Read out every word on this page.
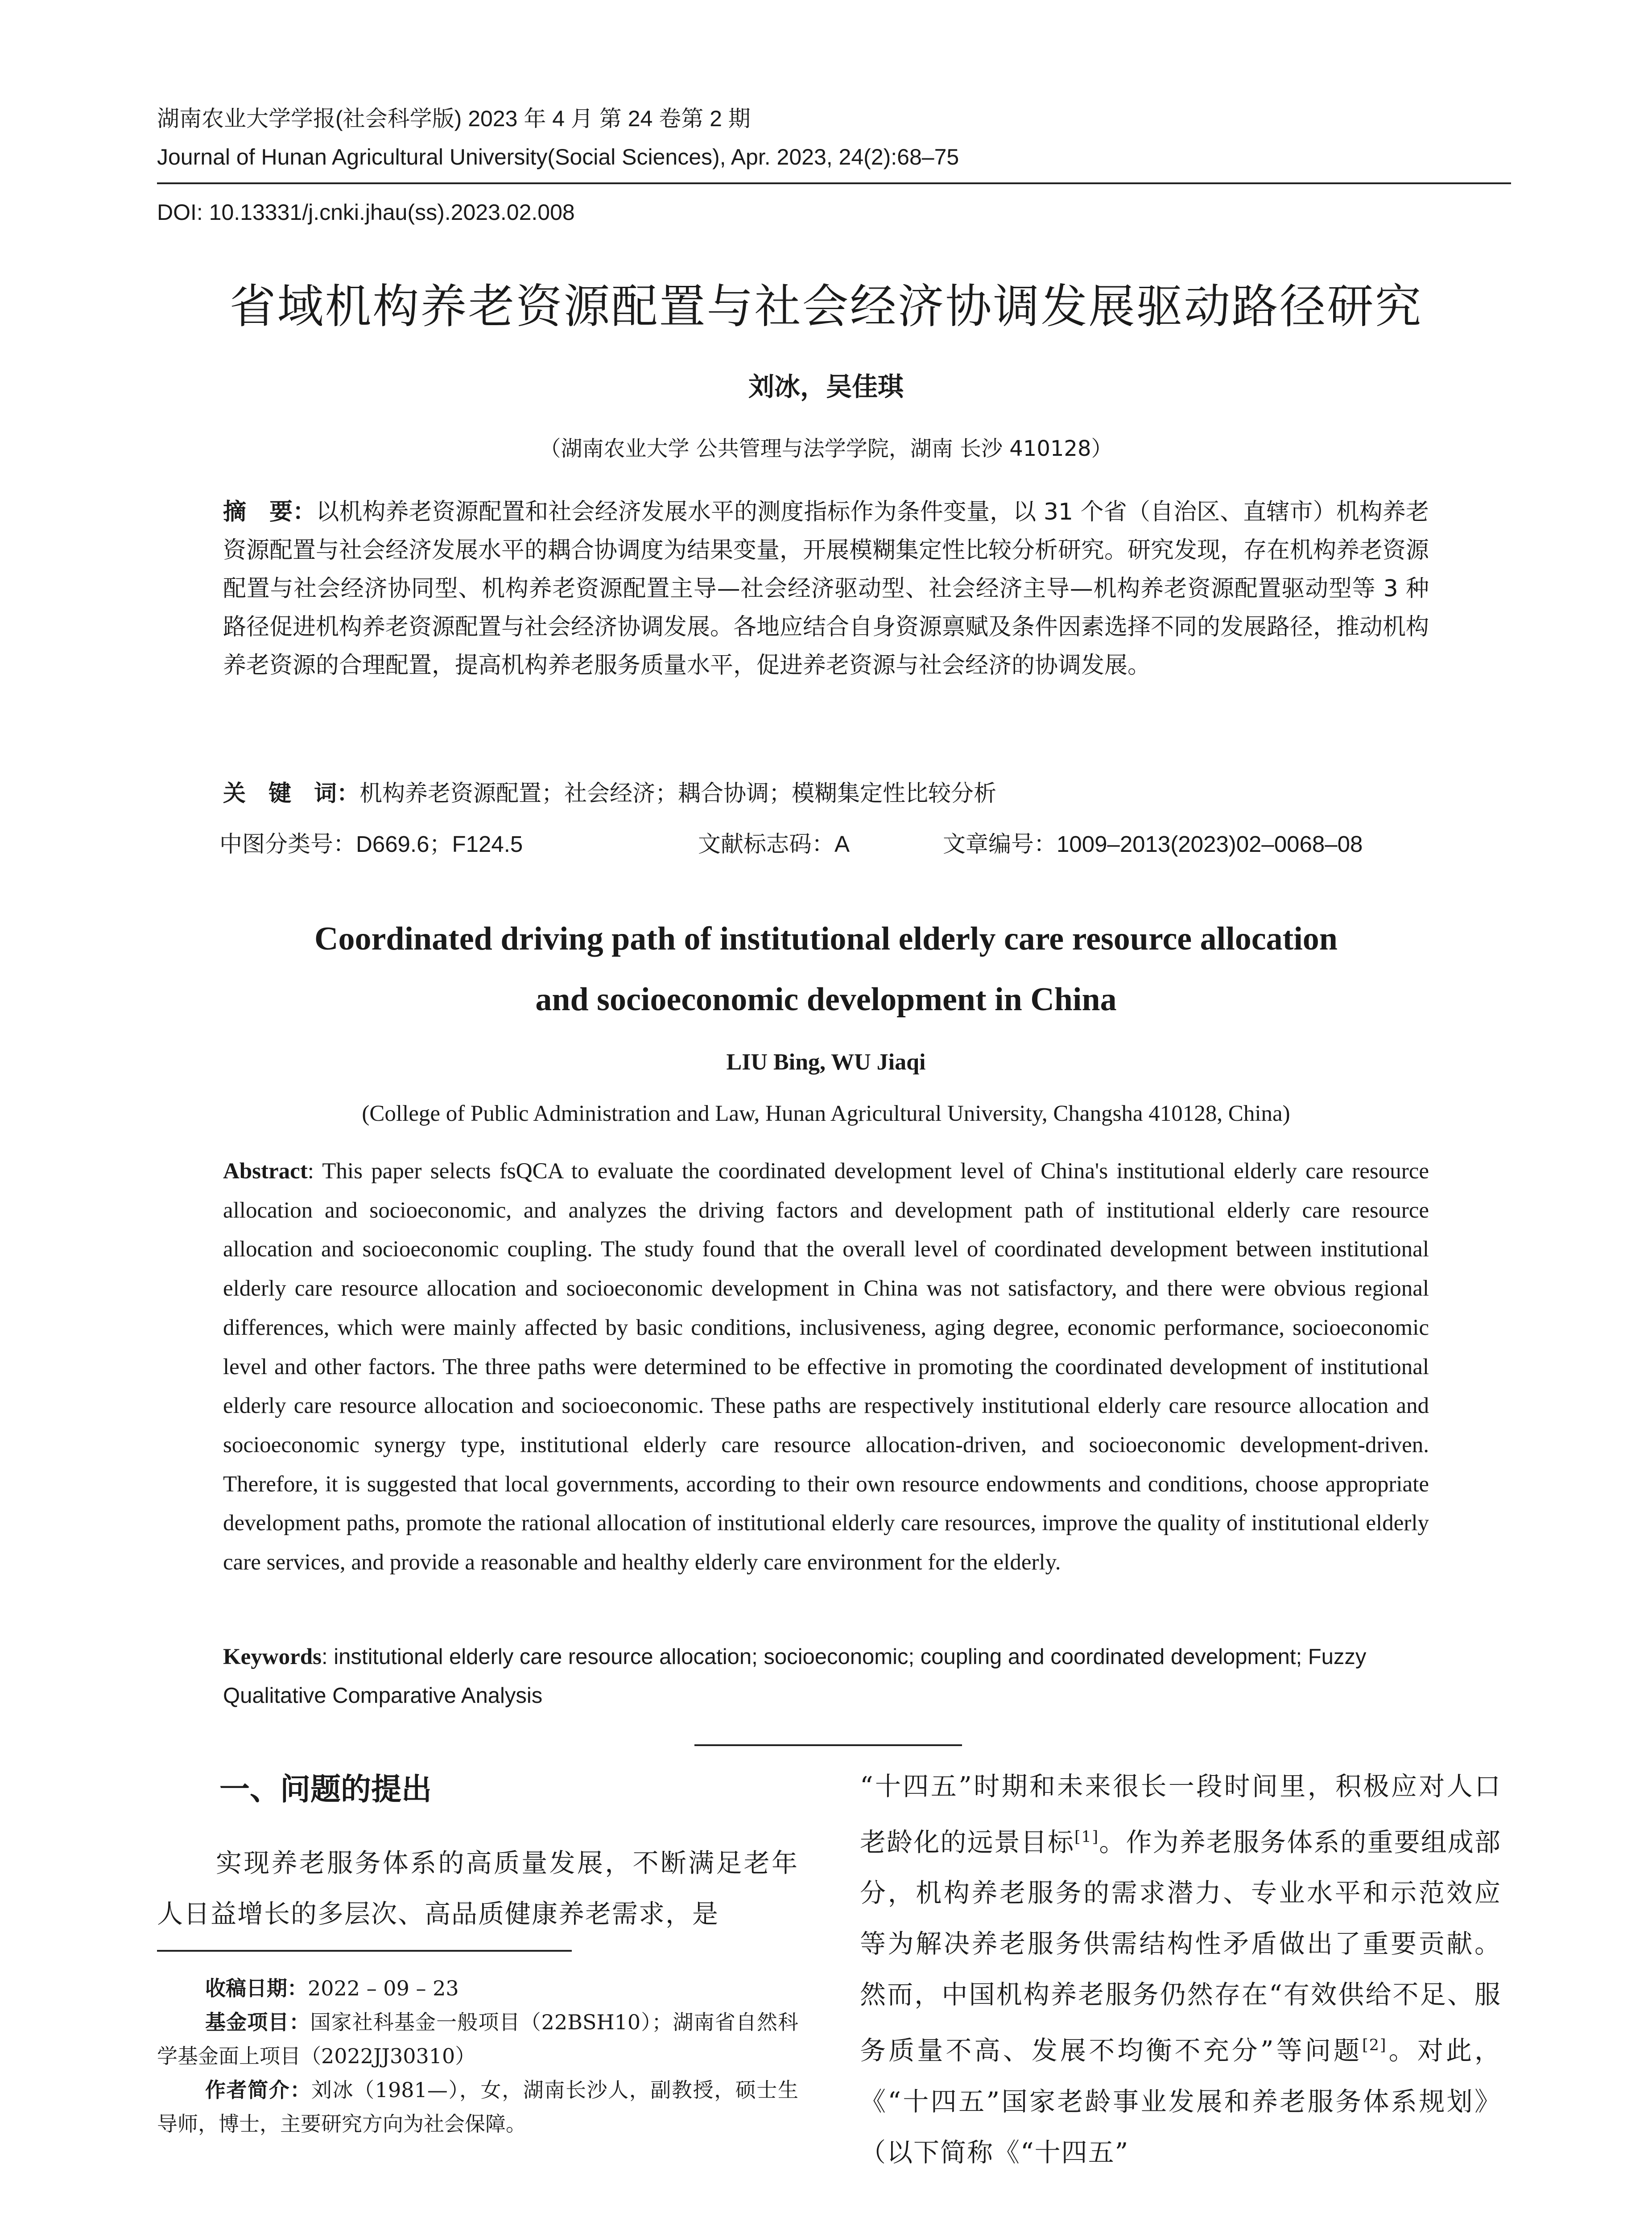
湖南农业大学学报(社会科学版) 2023 年 4 月 第 24 卷第 2 期
Journal of Hunan Agricultural University(Social Sciences), Apr. 2023, 24(2):68–75
DOI: 10.13331/j.cnki.jhau(ss).2023.02.008
省域机构养老资源配置与社会经济协调发展驱动路径研究
刘冰，吴佳琪
（湖南农业大学 公共管理与法学学院，湖南 长沙 410128）
摘　要：以机构养老资源配置和社会经济发展水平的测度指标作为条件变量，以 31 个省（自治区、直辖市）机构养老资源配置与社会经济发展水平的耦合协调度为结果变量，开展模糊集定性比较分析研究。研究发现，存在机构养老资源配置与社会经济协同型、机构养老资源配置主导—社会经济驱动型、社会经济主导—机构养老资源配置驱动型等 3 种路径促进机构养老资源配置与社会经济协调发展。各地应结合自身资源禀赋及条件因素选择不同的发展路径，推动机构养老资源的合理配置，提高机构养老服务质量水平，促进养老资源与社会经济的协调发展。
关　键　词：机构养老资源配置；社会经济；耦合协调；模糊集定性比较分析
中图分类号：D669.6；F124.5	文献标志码：A	文章编号：1009–2013(2023)02–0068–08
Coordinated driving path of institutional elderly care resource allocation
and socioeconomic development in China
LIU Bing, WU Jiaqi
(College of Public Administration and Law, Hunan Agricultural University, Changsha 410128, China)
Abstract: This paper selects fsQCA to evaluate the coordinated development level of China's institutional elderly care resource allocation and socioeconomic, and analyzes the driving factors and development path of institutional elderly care resource allocation and socioeconomic coupling. The study found that the overall level of coordinated development between institutional elderly care resource allocation and socioeconomic development in China was not satisfactory, and there were obvious regional differences, which were mainly affected by basic conditions, inclusiveness, aging degree, economic performance, socioeconomic level and other factors. The three paths were determined to be effective in promoting the coordinated development of institutional elderly care resource allocation and socioeconomic. These paths are respectively institutional elderly care resource allocation and socioeconomic synergy type, institutional elderly care resource allocation-driven, and socioeconomic development-driven. Therefore, it is suggested that local governments, according to their own resource endowments and conditions, choose appropriate development paths, promote the rational allocation of institutional elderly care resources, improve the quality of institutional elderly care services, and provide a reasonable and healthy elderly care environment for the elderly.
Keywords: institutional elderly care resource allocation; socioeconomic; coupling and coordinated development; Fuzzy Qualitative Comparative Analysis
一、问题的提出
实现养老服务体系的高质量发展，不断满足老年人日益增长的多层次、高品质健康养老需求，是
收稿日期：2022 – 09 – 23
基金项目：国家社科基金一般项目（22BSH10）；湖南省自然科学基金面上项目（2022JJ30310）
作者简介：刘冰（1981—），女，湖南长沙人，副教授，硕士生导师，博士，主要研究方向为社会保障。
“十四五”时期和未来很长一段时间里，积极应对人口老龄化的远景目标[1]。作为养老服务体系的重要组成部分，机构养老服务的需求潜力、专业水平和示范效应等为解决养老服务供需结构性矛盾做出了重要贡献。然而，中国机构养老服务仍然存在“有效供给不足、服务质量不高、发展不均衡不充分”等问题[2]。对此，《“十四五”国家老龄事业发展和养老服务体系规划》（以下简称《“十四五”
